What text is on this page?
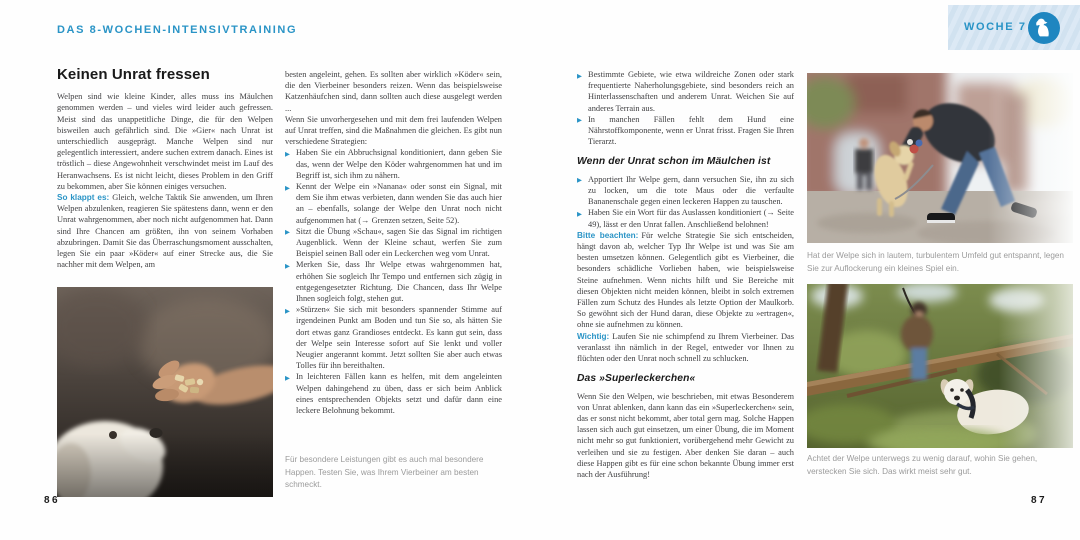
DAS 8-WOCHEN-INTENSIVTRAINING	WOCHE 7
Keinen Unrat fressen

Welpen sind wie kleine Kinder, alles muss ins Mäulchen genommen werden – und vieles wird leider auch gefressen. Meist sind das unappetitliche Dinge, die für den Welpen bisweilen auch gefährlich sind. Die »Gier« nach Unrat ist unterschiedlich ausgeprägt. Manche Welpen sind nur gelegentlich interessiert, andere suchen extrem danach. Eines ist tröstlich – diese Angewohnheit verschwindet meist im Lauf des Heranwachsens. Es ist nicht leicht, dieses Problem in den Griff zu bekommen, aber Sie können einiges versuchen.

So klappt es: Gleich, welche Taktik Sie anwenden, um Ihren Welpen abzulenken, reagieren Sie spätestens dann, wenn er den Unrat wahrgenommen, aber noch nicht aufgenommen hat. Dann sind Ihre Chancen am größten, ihn von seinem Vorhaben abzubringen. Damit Sie das Überraschungsmoment ausschalten, legen Sie ein paar »Köder« auf einer Strecke aus, die Sie nachher mit dem Welpen, am

besten angeleint, gehen. Es sollten aber wirklich »Köder« sein, die den Vierbeiner besonders reizen. Wenn das beispielsweise Katzenhäufchen sind, dann sollten auch diese ausgelegt werden ...

Wenn Sie unvorhergesehen und mit dem frei laufenden Welpen auf Unrat treffen, sind die Maßnahmen die gleichen. Es gibt nun verschiedene Strategien:

▶ Haben Sie ein Abbruchsignal konditioniert, dann geben Sie das, wenn der Welpe den Köder wahrgenommen hat und im Begriff ist, sich ihm zu nähern.
▶ Kennt der Welpe ein »Nanana« oder sonst ein Signal, mit dem Sie ihm etwas verbieten, dann wenden Sie das auch hier an – ebenfalls, solange der Welpe den Unrat noch nicht aufgenommen hat (→ Grenzen setzen, Seite 52).
▶ Sitzt die Übung »Schau«, sagen Sie das Signal im richtigen Augenblick. Wenn der Kleine schaut, werfen Sie zum Beispiel seinen Ball oder ein Leckerchen weg vom Unrat.
▶ Merken Sie, dass Ihr Welpe etwas wahrgenommen hat, erhöhen Sie sogleich Ihr Tempo und entfernen sich zügig in entgegengesetzter Richtung. Die Chancen, dass Ihr Welpe Ihnen sogleich folgt, stehen gut.
▶ »Stürzen« Sie sich mit besonders spannender Stimme auf irgendeinen Punkt am Boden und tun Sie so, als hätten Sie dort etwas ganz Grandioses entdeckt. Es kann gut sein, dass der Welpe sein Interesse sofort auf Sie lenkt und voller Neugier angerannt kommt. Jetzt sollten Sie aber auch etwas Tolles für ihn bereithalten.
▶ In leichteren Fällen kann es helfen, mit dem angeleinten Welpen dahingehend zu üben, dass er sich beim Anblick eines entsprechenden Objekts setzt und dafür dann eine leckere Belohnung bekommt.

Für besondere Leistungen gibt es auch mal besondere Happen. Testen Sie, was Ihrem Vierbeiner am besten schmeckt.

86
▶ Bestimmte Gebiete, wie etwa wildreiche Zonen oder stark frequentierte Naherholungsgebiete, sind besonders reich an Hinterlassenschaften und anderem Unrat. Weichen Sie auf anderes Terrain aus.
▶ In manchen Fällen fehlt dem Hund eine Nährstoffkomponente, wenn er Unrat frisst. Fragen Sie Ihren Tierarzt.
Wenn der Unrat schon im Mäulchen ist
▶ Apportiert Ihr Welpe gern, dann versuchen Sie, ihn zu sich zu locken, um die tote Maus oder die verfaulte Bananenschale gegen einen leckeren Happen zu tauschen.
▶ Haben Sie ein Wort für das Auslassen konditioniert (→ Seite 49), lässt er den Unrat fallen. Anschließend belohnen!

Bitte beachten: Für welche Strategie Sie sich entscheiden, hängt davon ab, welcher Typ Ihr Welpe ist und was Sie am besten umsetzen können. Gelegentlich gibt es Vierbeiner, die besonders schädliche Vorlieben haben, wie beispielsweise Steine aufnehmen. Wenn nichts hilft und Sie Bereiche mit diesen Objekten nicht meiden können, bleibt in solch extremen Fällen zum Schutz des Hundes als letzte Option der Maulkorb. So gewöhnt sich der Hund daran, diese Objekte zu »ertragen«, ohne sie aufnehmen zu können.

Wichtig: Laufen Sie nie schimpfend zu Ihrem Vierbeiner. Das veranlasst ihn nämlich in der Regel, entweder vor Ihnen zu flüchten oder den Unrat noch schnell zu schlucken.

Das »Superleckerchen«

Wenn Sie den Welpen, wie beschrieben, mit etwas Besonderem von Unrat ablenken, dann kann das ein »Superleckerchen« sein, das er sonst nicht bekommt, aber total gern mag. Solche Happen lassen sich auch gut einsetzen, um einer Übung, die im Moment nicht mehr so gut funktioniert, vorübergehend mehr Gewicht zu verleihen und sie zu festigen. Aber denken Sie daran – auch diese Happen gibt es für eine schon bekannte Übung immer erst nach der Ausführung!

Hat der Welpe sich in lautem, turbulentem Umfeld gut entspannt, legen Sie zur Auflockerung ein kleines Spiel ein.

Achtet der Welpe unterwegs zu wenig darauf, wohin Sie gehen, verstecken Sie sich. Das wirkt meist sehr gut.

87
